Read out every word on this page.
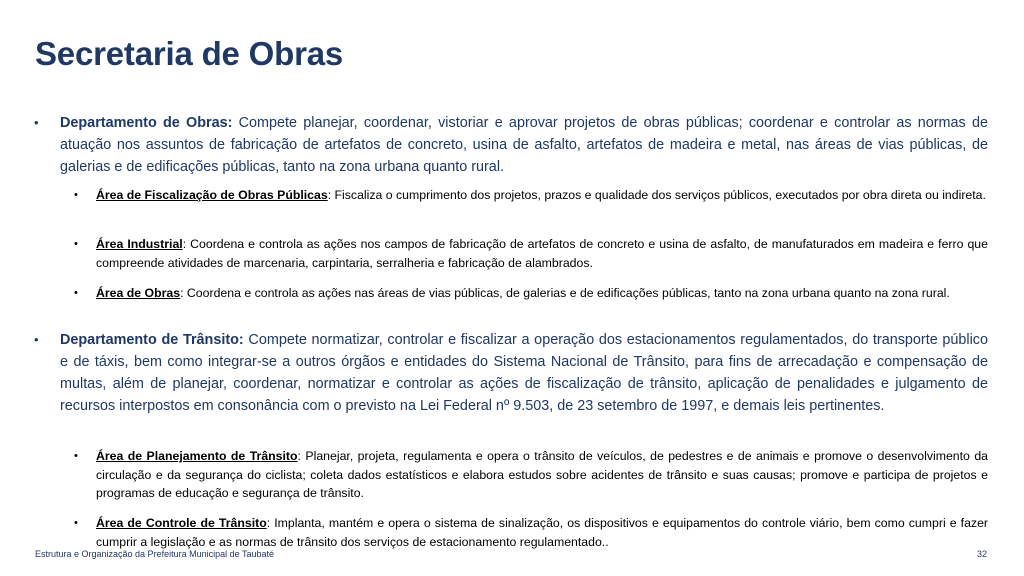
Secretaria de Obras
• Departamento de Obras: Compete planejar, coordenar, vistoriar e aprovar projetos de obras públicas; coordenar e controlar as normas de atuação nos assuntos de fabricação de artefatos de concreto, usina de asfalto, artefatos de madeira e metal, nas áreas de vias públicas, de galerias e de edificações públicas, tanto na zona urbana quanto rural.
• Área de Fiscalização de Obras Públicas: Fiscaliza o cumprimento dos projetos, prazos e qualidade dos serviços públicos, executados por obra direta ou indireta.
• Área Industrial: Coordena e controla as ações nos campos de fabricação de artefatos de concreto e usina de asfalto, de manufaturados em madeira e ferro que compreende atividades de marcenaria, carpintaria, serralheria e fabricação de alambrados.
• Área de Obras: Coordena e controla as ações nas áreas de vias públicas, de galerias e de edificações públicas, tanto na zona urbana quanto na zona rural.
• Departamento de Trânsito: Compete normatizar, controlar e fiscalizar a operação dos estacionamentos regulamentados, do transporte público e de táxis, bem como integrar-se a outros órgãos e entidades do Sistema Nacional de Trânsito, para fins de arrecadação e compensação de multas, além de planejar, coordenar, normatizar e controlar as ações de fiscalização de trânsito, aplicação de penalidades e julgamento de recursos interpostos em consonância com o previsto na Lei Federal nº 9.503, de 23 setembro de 1997, e demais leis pertinentes.
• Área de Planejamento de Trânsito: Planejar, projeta, regulamenta e opera o trânsito de veículos, de pedestres e de animais e promove o desenvolvimento da circulação e da segurança do ciclista; coleta dados estatísticos e elabora estudos sobre acidentes de trânsito e suas causas; promove e participa de projetos e programas de educação e segurança de trânsito.
• Área de Controle de Trânsito: Implanta, mantém e opera o sistema de sinalização, os dispositivos e equipamentos do controle viário, bem como cumpri e fazer cumprir a legislação e as normas de trânsito dos serviços de estacionamento regulamentado..
Estrutura e Organização da Prefeitura Municipal de Taubaté	32
